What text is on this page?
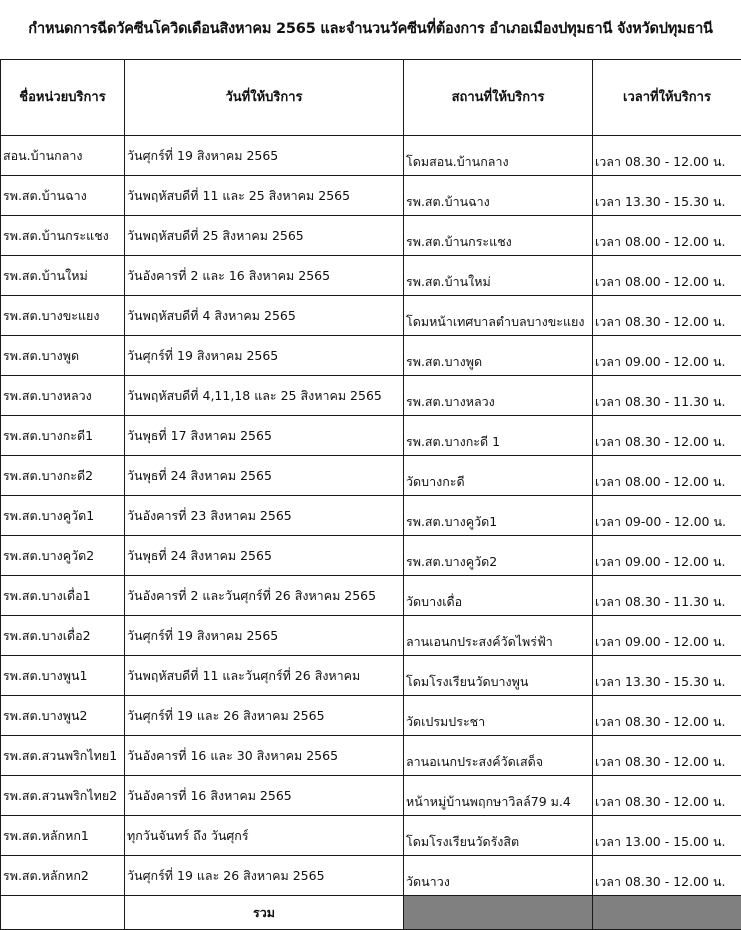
กำหนดการฉีดวัคซีนโควิดเดือนสิงหาคม 2565 และจำนวนวัคซีนที่ต้องการ อำเภอเมืองปทุมธานี จังหวัดปทุมธานี
ชื่อหน่วยบริการ	วันที่ให้บริการ	สถานที่ให้บริการ	เวลาที่ให้บริการ
สอน.บ้านกลาง	วันศุกร์ที่ 19 สิงหาคม 2565	โดมสอน.บ้านกลาง	เวลา 08.30 - 12.00 น.
รพ.สต.บ้านฉาง	วันพฤหัสบดีที่ 11 และ 25 สิงหาคม 2565	รพ.สต.บ้านฉาง	เวลา 13.30 - 15.30 น.
รพ.สต.บ้านกระแชง	วันพฤหัสบดีที่ 25 สิงหาคม 2565	รพ.สต.บ้านกระแชง	เวลา 08.00 - 12.00 น.
รพ.สต.บ้านใหม่	วันอังคารที่ 2 และ 16 สิงหาคม 2565	รพ.สต.บ้านใหม่	เวลา 08.00 - 12.00 น.
รพ.สต.บางขะแยง	วันพฤหัสบดีที่ 4 สิงหาคม 2565	โดมหน้าเทศบาลตำบลบางขะแยง	เวลา 08.30 - 12.00 น.
รพ.สต.บางพูด	วันศุกร์ที่ 19 สิงหาคม 2565	รพ.สต.บางพูด	เวลา 09.00 - 12.00 น.
รพ.สต.บางหลวง	วันพฤหัสบดีที่ 4,11,18 และ 25 สิงหาคม 2565	รพ.สต.บางหลวง	เวลา 08.30 - 11.30 น.
รพ.สต.บางกะดี1	วันพุธที่ 17 สิงหาคม 2565	รพ.สต.บางกะดี 1	เวลา 08.30 - 12.00 น.
รพ.สต.บางกะดี2	วันพุธที่ 24 สิงหาคม 2565	วัดบางกะดี	เวลา 08.00 - 12.00 น.
รพ.สต.บางคูวัด1	วันอังคารที่ 23 สิงหาคม 2565	รพ.สต.บางคูวัด1	เวลา 09-00 - 12.00 น.
รพ.สต.บางคูวัด2	วันพุธที่ 24 สิงหาคม 2565	รพ.สต.บางคูวัด2	เวลา 09.00 - 12.00 น.
รพ.สต.บางเดื่อ1	วันอังคารที่ 2 และวันศุกร์ที่ 26 สิงหาคม 2565	วัดบางเดื่อ	เวลา 08.30 - 11.30 น.
รพ.สต.บางเดื่อ2	วันศุกร์ที่ 19 สิงหาคม 2565	ลานเอนกประสงค์วัดไพร่ฟ้า	เวลา 09.00 - 12.00 น.
รพ.สต.บางพูน1	วันพฤหัสบดีที่ 11 และวันศุกร์ที่ 26 สิงหาคม	โดมโรงเรียนวัดบางพูน	เวลา 13.30 - 15.30 น.
รพ.สต.บางพูน2	วันศุกร์ที่ 19 และ 26 สิงหาคม 2565	วัดเปรมประชา	เวลา 08.30 - 12.00 น.
รพ.สต.สวนพริกไทย1	วันอังคารที่ 16 และ 30 สิงหาคม 2565	ลานอเนกประสงค์วัดเสด็จ	เวลา 08.30 - 12.00 น.
รพ.สต.สวนพริกไทย2	วันอังคารที่ 16 สิงหาคม 2565	หน้าหมู่บ้านพฤกษาวิลล์79 ม.4	เวลา 08.30 - 12.00 น.
รพ.สต.หลักหก1	ทุกวันจันทร์ ถึง วันศุกร์	โดมโรงเรียนวัดรังสิต	เวลา 13.00 - 15.00 น.
รพ.สต.หลักหก2	วันศุกร์ที่ 19 และ 26 สิงหาคม 2565	วัดนาวง	เวลา 08.30 - 12.00 น.
	รวม		
